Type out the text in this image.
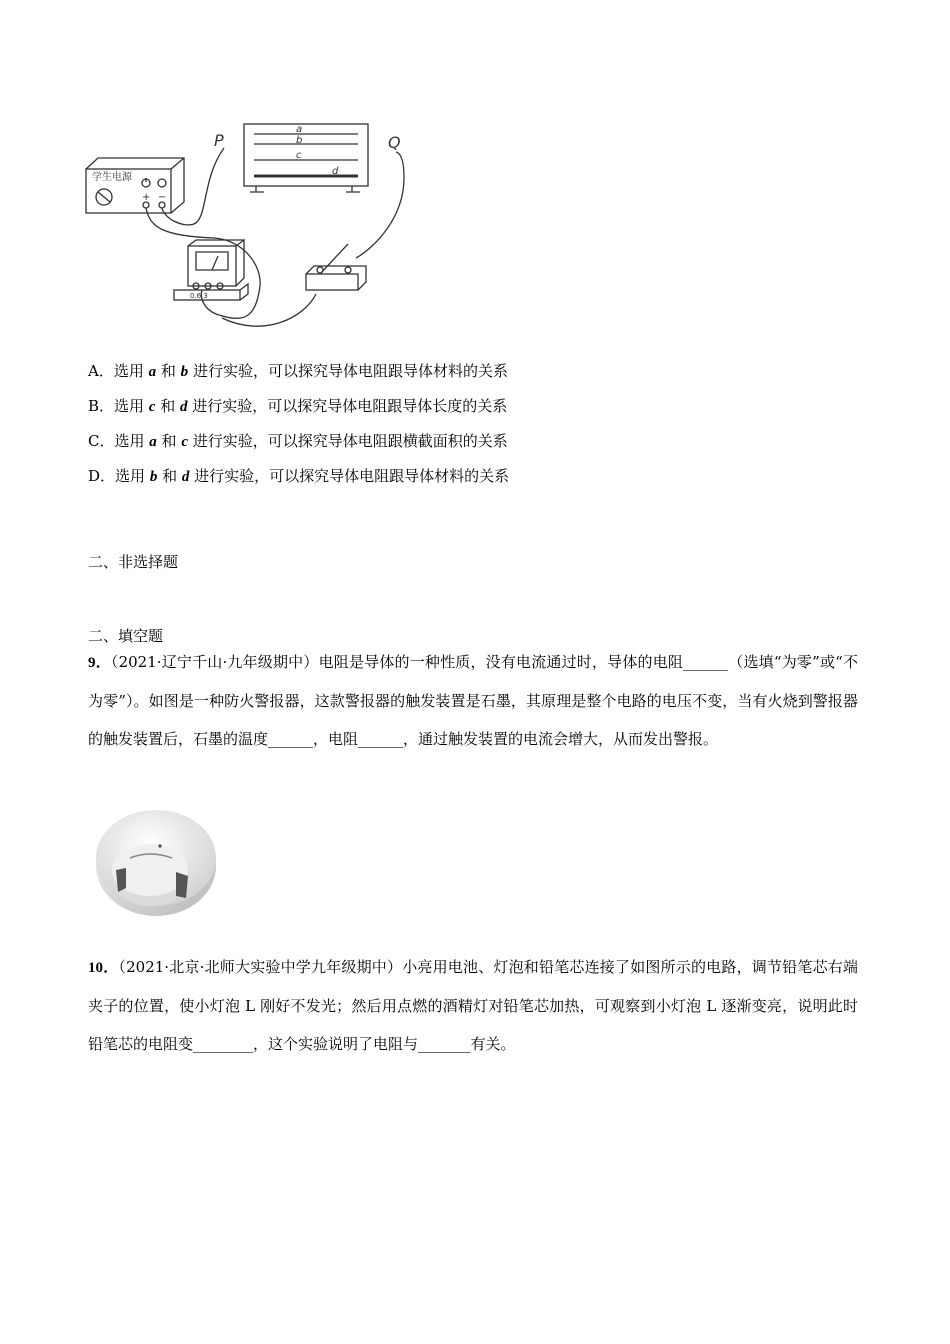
学生电源
+ −
P	Q
a
b
c
d
0.6 3
A．选用 a 和 b 进行实验，可以探究导体电阻跟导体材料的关系
B．选用 c 和 d 进行实验，可以探究导体电阻跟导体长度的关系
C．选用 a 和 c 进行实验，可以探究导体电阻跟横截面积的关系
D．选用 b 和 d 进行实验，可以探究导体电阻跟导体材料的关系
二、非选择题
二、填空题
9．（2021·辽宁千山·九年级期中）电阻是导体的一种性质，没有电流通过时，导体的电阻______（选填“为零”或“不为零”）。如图是一种防火警报器，这款警报器的触发装置是石墨，其原理是整个电路的电压不变，当有火烧到警报器的触发装置后，石墨的温度______，电阻______，通过触发装置的电流会增大，从而发出警报。
10．（2021·北京·北师大实验中学九年级期中）小亮用电池、灯泡和铅笔芯连接了如图所示的电路，调节铅笔芯右端夹子的位置，使小灯泡 L 刚好不发光；然后用点燃的酒精灯对铅笔芯加热，可观察到小灯泡 L 逐渐变亮，说明此时铅笔芯的电阻变________，这个实验说明了电阻与_______有关。
